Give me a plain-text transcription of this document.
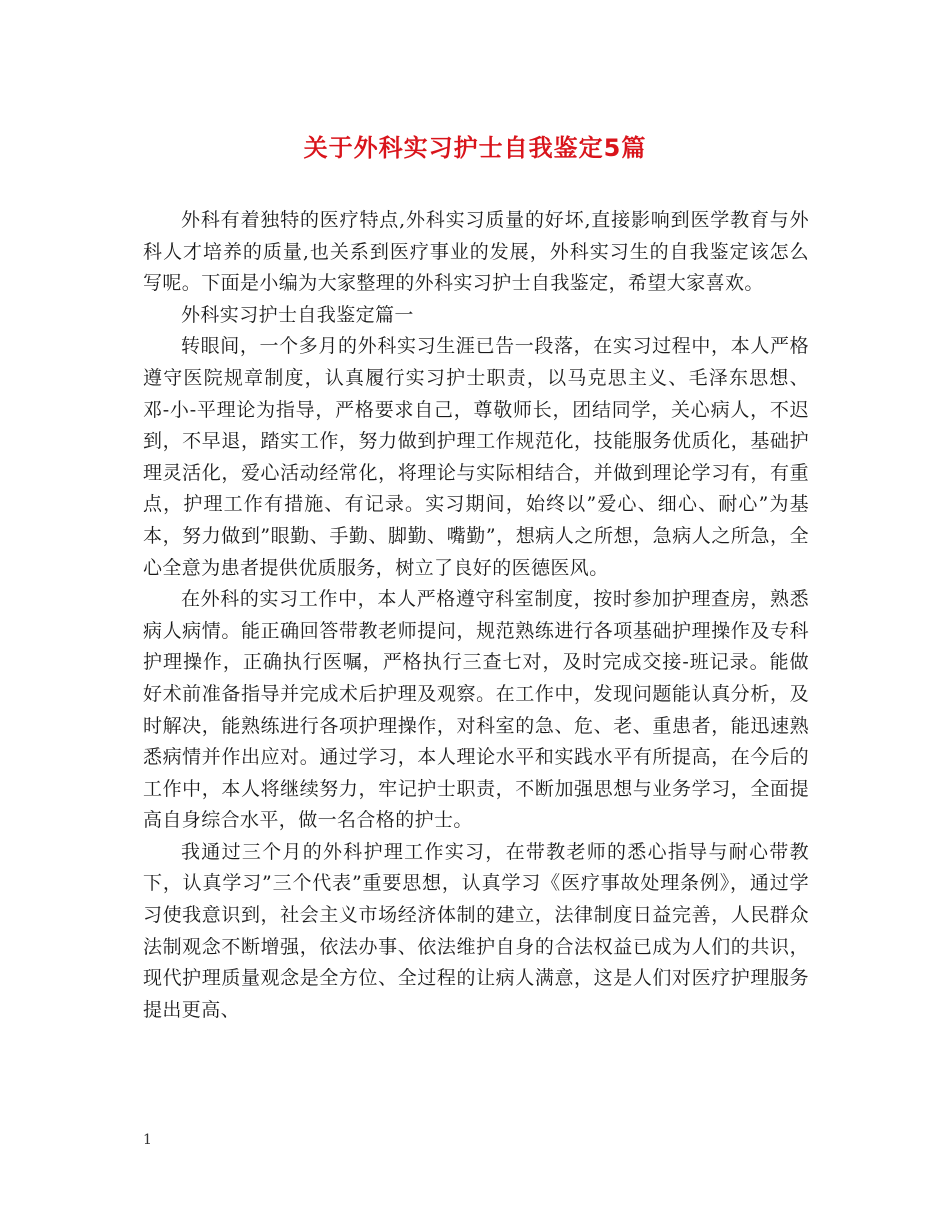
关于外科实习护士自我鉴定5篇

外科有着独特的医疗特点,外科实习质量的好坏,直接影响到医学教育与外科人才培养的质量,也关系到医疗事业的发展，外科实习生的自我鉴定该怎么写呢。下面是小编为大家整理的外科实习护士自我鉴定，希望大家喜欢。

外科实习护士自我鉴定篇一

转眼间，一个多月的外科实习生涯已告一段落，在实习过程中，本人严格遵守医院规章制度，认真履行实习护士职责，以马克思主义、毛泽东思想、邓-小-平理论为指导，严格要求自己，尊敬师长，团结同学，关心病人，不迟到，不早退，踏实工作，努力做到护理工作规范化，技能服务优质化，基础护理灵活化，爱心活动经常化，将理论与实际相结合，并做到理论学习有，有重点，护理工作有措施、有记录。实习期间，始终以”爱心、细心、耐心”为基本，努力做到”眼勤、手勤、脚勤、嘴勤”，想病人之所想，急病人之所急，全心全意为患者提供优质服务，树立了良好的医德医风。

在外科的实习工作中，本人严格遵守科室制度，按时参加护理查房，熟悉病人病情。能正确回答带教老师提问，规范熟练进行各项基础护理操作及专科护理操作，正确执行医嘱，严格执行三查七对，及时完成交接-班记录。能做好术前准备指导并完成术后护理及观察。在工作中，发现问题能认真分析，及时解决，能熟练进行各项护理操作，对科室的急、危、老、重患者，能迅速熟悉病情并作出应对。通过学习，本人理论水平和实践水平有所提高，在今后的工作中，本人将继续努力，牢记护士职责，不断加强思想与业务学习，全面提高自身综合水平，做一名合格的护士。

我通过三个月的外科护理工作实习，在带教老师的悉心指导与耐心带教下，认真学习”三个代表”重要思想，认真学习《医疗事故处理条例》，通过学习使我意识到，社会主义市场经济体制的建立，法律制度日益完善，人民群众法制观念不断增强，依法办事、依法维护自身的合法权益已成为人们的共识，现代护理质量观念是全方位、全过程的让病人满意，这是人们对医疗护理服务提出更高、

1
